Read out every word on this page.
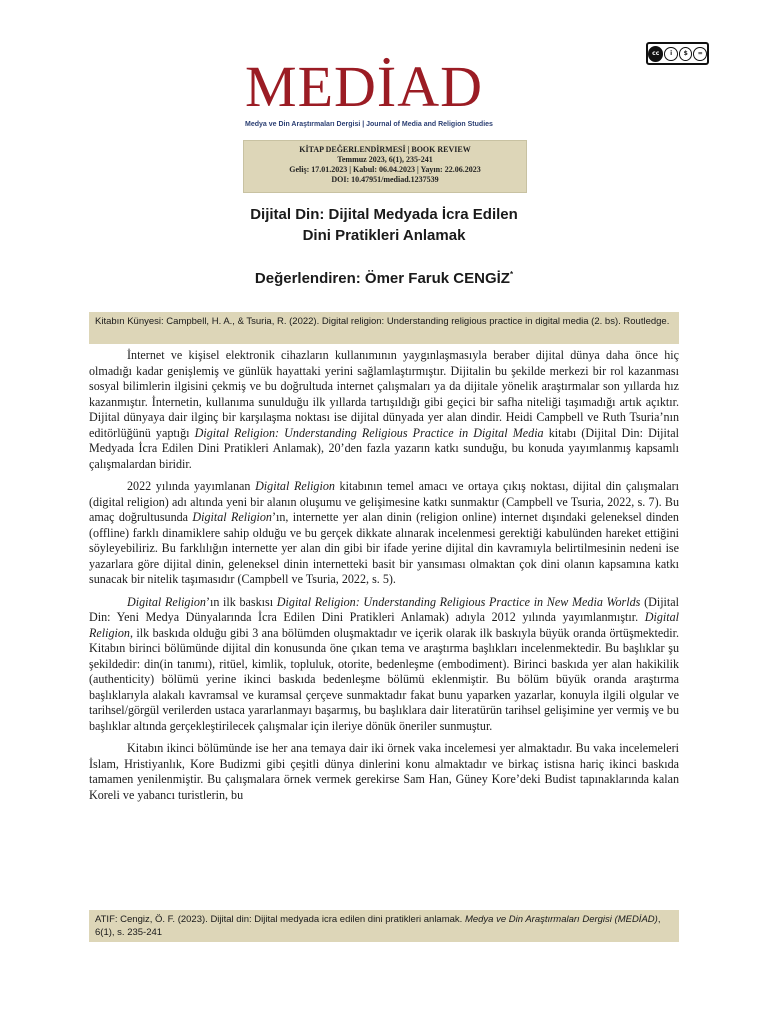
cc	i	$	=
MEDİAD
Medya ve Din Araştırmaları Dergisi | Journal of Media and Religion Studies
KİTAP DEĞERLENDİRMESİ | BOOK REVIEW
Temmuz 2023, 6(1), 235-241
Geliş: 17.01.2023 | Kabul: 06.04.2023 | Yayın: 22.06.2023
DOI: 10.47951/mediad.1237539
Dijital Din: Dijital Medyada İcra Edilen
Dini Pratikleri Anlamak
Değerlendiren: Ömer Faruk CENGİZ*
Kitabın Künyesi: Campbell, H. A., & Tsuria, R. (2022). Digital religion: Understanding religious practice in digital media (2. bs). Routledge.

İnternet ve kişisel elektronik cihazların kullanımının yaygınlaşmasıyla beraber dijital dünya daha önce hiç olmadığı kadar genişlemiş ve günlük hayattaki yerini sağlamlaştırmıştır. Dijitalin bu şekilde merkezi bir rol kazanması sosyal bilimlerin ilgisini çekmiş ve bu doğrultuda internet çalışmaları ya da dijitale yönelik araştırmalar son yıllarda hız kazanmıştır. İnternetin, kullanıma sunulduğu ilk yıllarda tartışıldığı gibi geçici bir safha niteliği taşımadığı artık açıktır. Dijital dünyaya dair ilginç bir karşılaşma noktası ise dijital dünyada yer alan dindir. Heidi Campbell ve Ruth Tsuria’nın editörlüğünü yaptığı Digital Religion: Understanding Religious Practice in Digital Media kitabı (Dijital Din: Dijital Medyada İcra Edilen Dini Pratikleri Anlamak), 20’den fazla yazarın katkı sunduğu, bu konuda yayımlanmış kapsamlı çalışmalardan biridir.

2022 yılında yayımlanan Digital Religion kitabının temel amacı ve ortaya çıkış noktası, dijital din çalışmaları (digital religion) adı altında yeni bir alanın oluşumu ve gelişimesine katkı sunmaktır (Campbell ve Tsuria, 2022, s. 7). Bu amaç doğrultusunda Digital Religion’ın, internette yer alan dinin (religion online) internet dışındaki geleneksel dinden (offline) farklı dinamiklere sahip olduğu ve bu gerçek dikkate alınarak incelenmesi gerektiği kabulünden hareket ettiğini söyleyebiliriz. Bu farklılığın internette yer alan din gibi bir ifade yerine dijital din kavramıyla belirtilmesinin nedeni ise yazarlara göre dijital dinin, geleneksel dinin internetteki basit bir yansıması olmaktan çok dini olanın kapsamına katkı sunacak bir nitelik taşımasıdır (Campbell ve Tsuria, 2022, s. 5).

Digital Religion’ın ilk baskısı Digital Religion: Understanding Religious Practice in New Media Worlds (Dijital Din: Yeni Medya Dünyalarında İcra Edilen Dini Pratikleri Anlamak) adıyla 2012 yılında yayımlanmıştır. Digital Religion, ilk baskıda olduğu gibi 3 ana bölümden oluşmaktadır ve içerik olarak ilk baskıyla büyük oranda örtüşmektedir. Kitabın birinci bölümünde dijital din konusunda öne çıkan tema ve araştırma başlıkları incelenmektedir. Bu başlıklar şu şekildedir: din(in tanımı), ritüel, kimlik, topluluk, otorite, bedenleşme (embodiment). Birinci baskıda yer alan hakikilik (authenticity) bölümü yerine ikinci baskıda bedenleşme bölümü eklenmiştir. Bu bölüm büyük oranda araştırma başlıklarıyla alakalı kavramsal ve kuramsal çerçeve sunmaktadır fakat bunu yaparken yazarlar, konuyla ilgili olgular ve tarihsel/görgül verilerden ustaca yararlanmayı başarmış, bu başlıklara dair literatürün tarihsel gelişimine yer vermiş ve bu başlıklar altında gerçekleştirilecek çalışmalar için ileriye dönük öneriler sunmuştur.

Kitabın ikinci bölümünde ise her ana temaya dair iki örnek vaka incelemesi yer almaktadır. Bu vaka incelemeleri İslam, Hristiyanlık, Kore Budizmi gibi çeşitli dünya dinlerini konu almaktadır ve birkaç istisna hariç ikinci baskıda tamamen yenilenmiştir. Bu çalışmalara örnek vermek gerekirse Sam Han, Güney Kore’deki Budist tapınaklarında kalan Koreli ve yabancı turistlerin, bu

ATIF: Cengiz, Ö. F. (2023). Dijital din: Dijital medyada icra edilen dini pratikleri anlamak. Medya ve Din Araştırmaları Dergisi (MEDİAD), 6(1), s. 235-241
